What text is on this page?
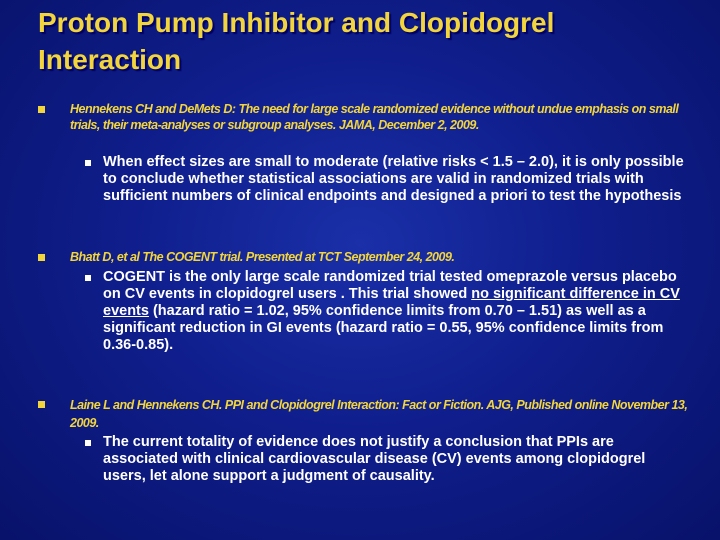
Proton Pump Inhibitor and Clopidogrel
Interaction
Hennekens CH and DeMets D: The need for large scale randomized evidence without undue emphasis on small trials, their meta-analyses or subgroup analyses. JAMA, December 2, 2009.
When effect sizes are small to moderate (relative risks < 1.5 – 2.0), it is only possible to conclude whether statistical associations are valid in randomized trials with sufficient numbers of clinical endpoints and designed a priori to test the hypothesis
Bhatt D, et al The COGENT trial. Presented at TCT September 24, 2009.
COGENT is the only large scale randomized trial tested omeprazole versus placebo on CV events in clopidogrel users . This trial showed no significant difference in CV events (hazard ratio = 1.02, 95% confidence limits from 0.70 – 1.51) as well as a significant reduction in GI events (hazard ratio = 0.55, 95% confidence limits from 0.36-0.85).
Laine L and Hennekens CH. PPI and Clopidogrel Interaction: Fact or Fiction. AJG, Published online November 13, 2009.
The current totality of evidence does not justify a conclusion that PPIs are associated with clinical cardiovascular disease (CV) events among clopidogrel users, let alone support a judgment of causality.
